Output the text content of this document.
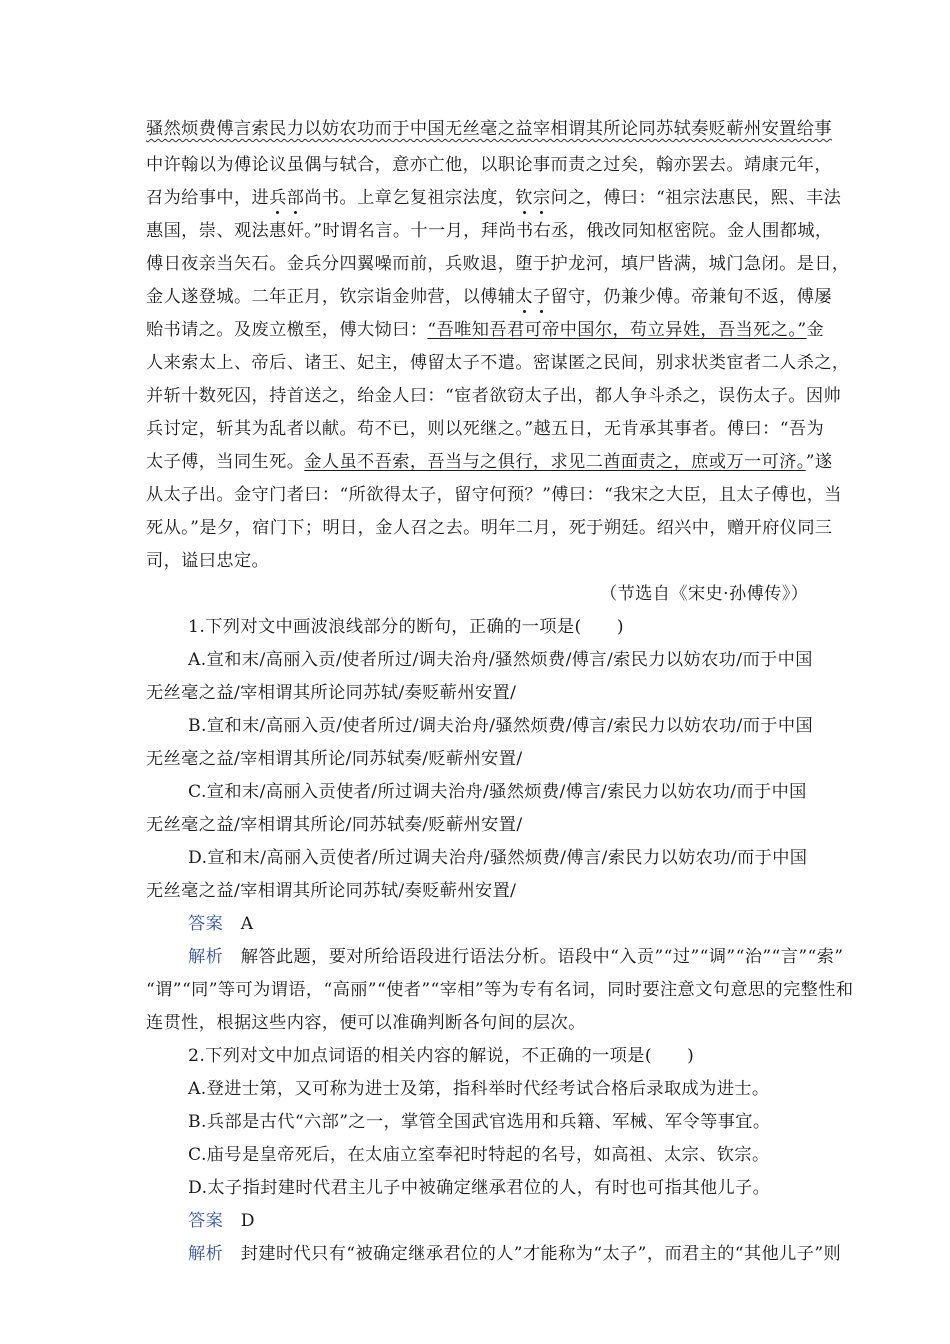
骚然烦费傅言索民力以妨农功而于中国无丝毫之益宰相谓其所论同苏轼奏贬蕲州安置给事
中许翰以为傅论议虽偶与轼合，意亦亡他，以职论事而责之过矣，翰亦罢去。靖康元年，
召为给事中，进兵部尚书。上章乞复祖宗法度，钦宗问之，傅曰：“祖宗法惠民，熙、丰法
惠国，崇、观法惠奸。”时谓名言。十一月，拜尚书右丞，俄改同知枢密院。金人围都城，
傅日夜亲当矢石。金兵分四翼噪而前，兵败退，堕于护龙河，填尸皆满，城门急闭。是日，
金人遂登城。二年正月，钦宗诣金帅营，以傅辅太子留守，仍兼少傅。帝兼旬不返，傅屡
贻书请之。及废立檄至，傅大恸曰：“吾唯知吾君可帝中国尔，苟立异姓，吾当死之。”金
人来索太上、帝后、诸王、妃主，傅留太子不遣。密谋匿之民间，别求状类宦者二人杀之，
并斩十数死囚，持首送之，绐金人曰：“宦者欲窃太子出，都人争斗杀之，误伤太子。因帅
兵讨定，斩其为乱者以献。苟不已，则以死继之。”越五日，无肯承其事者。傅曰：“吾为
太子傅，当同生死。金人虽不吾索，吾当与之俱行，求见二酋面责之，庶或万一可济。”遂
从太子出。金守门者曰：“所欲得太子，留守何预？”傅曰：“我宋之大臣，且太子傅也，当
死从。”是夕，宿门下；明日，金人召之去。明年二月，死于朔廷。绍兴中，赠开府仪同三
司，谥曰忠定。
（节选自《宋史·孙傅传》）
1.下列对文中画波浪线部分的断句，正确的一项是(　　)
A.宣和末/高丽入贡/使者所过/调夫治舟/骚然烦费/傅言/索民力以妨农功/而于中国
无丝毫之益/宰相谓其所论同苏轼/奏贬蕲州安置/
B.宣和末/高丽入贡/使者所过/调夫治舟/骚然烦费/傅言/索民力以妨农功/而于中国
无丝毫之益/宰相谓其所论/同苏轼奏/贬蕲州安置/
C.宣和末/高丽入贡使者/所过调夫治舟/骚然烦费/傅言/索民力以妨农功/而于中国
无丝毫之益/宰相谓其所论/同苏轼奏/贬蕲州安置/
D.宣和末/高丽入贡使者/所过调夫治舟/骚然烦费/傅言/索民力以妨农功/而于中国
无丝毫之益/宰相谓其所论同苏轼/奏贬蕲州安置/
答案　 A
解析　 解答此题，要对所给语段进行语法分析。语段中“入贡”“过”“调”“治”“言”“索”
“谓”“同”等可为谓语，“高丽”“使者”“宰相”等为专有名词，同时要注意文句意思的完整性和
连贯性，根据这些内容，便可以准确判断各句间的层次。
2.下列对文中加点词语的相关内容的解说，不正确的一项是(　　)
A.登进士第，又可称为进士及第，指科举时代经考试合格后录取成为进士。
B.兵部是古代“六部”之一，掌管全国武官选用和兵籍、军械、军令等事宜。
C.庙号是皇帝死后，在太庙立室奉祀时特起的名号，如高祖、太宗、钦宗。
D.太子指封建时代君主儿子中被确定继承君位的人，有时也可指其他儿子。
答案　 D
解析　 封建时代只有“被确定继承君位的人”才能称为“太子”，而君主的“其他儿子”则
